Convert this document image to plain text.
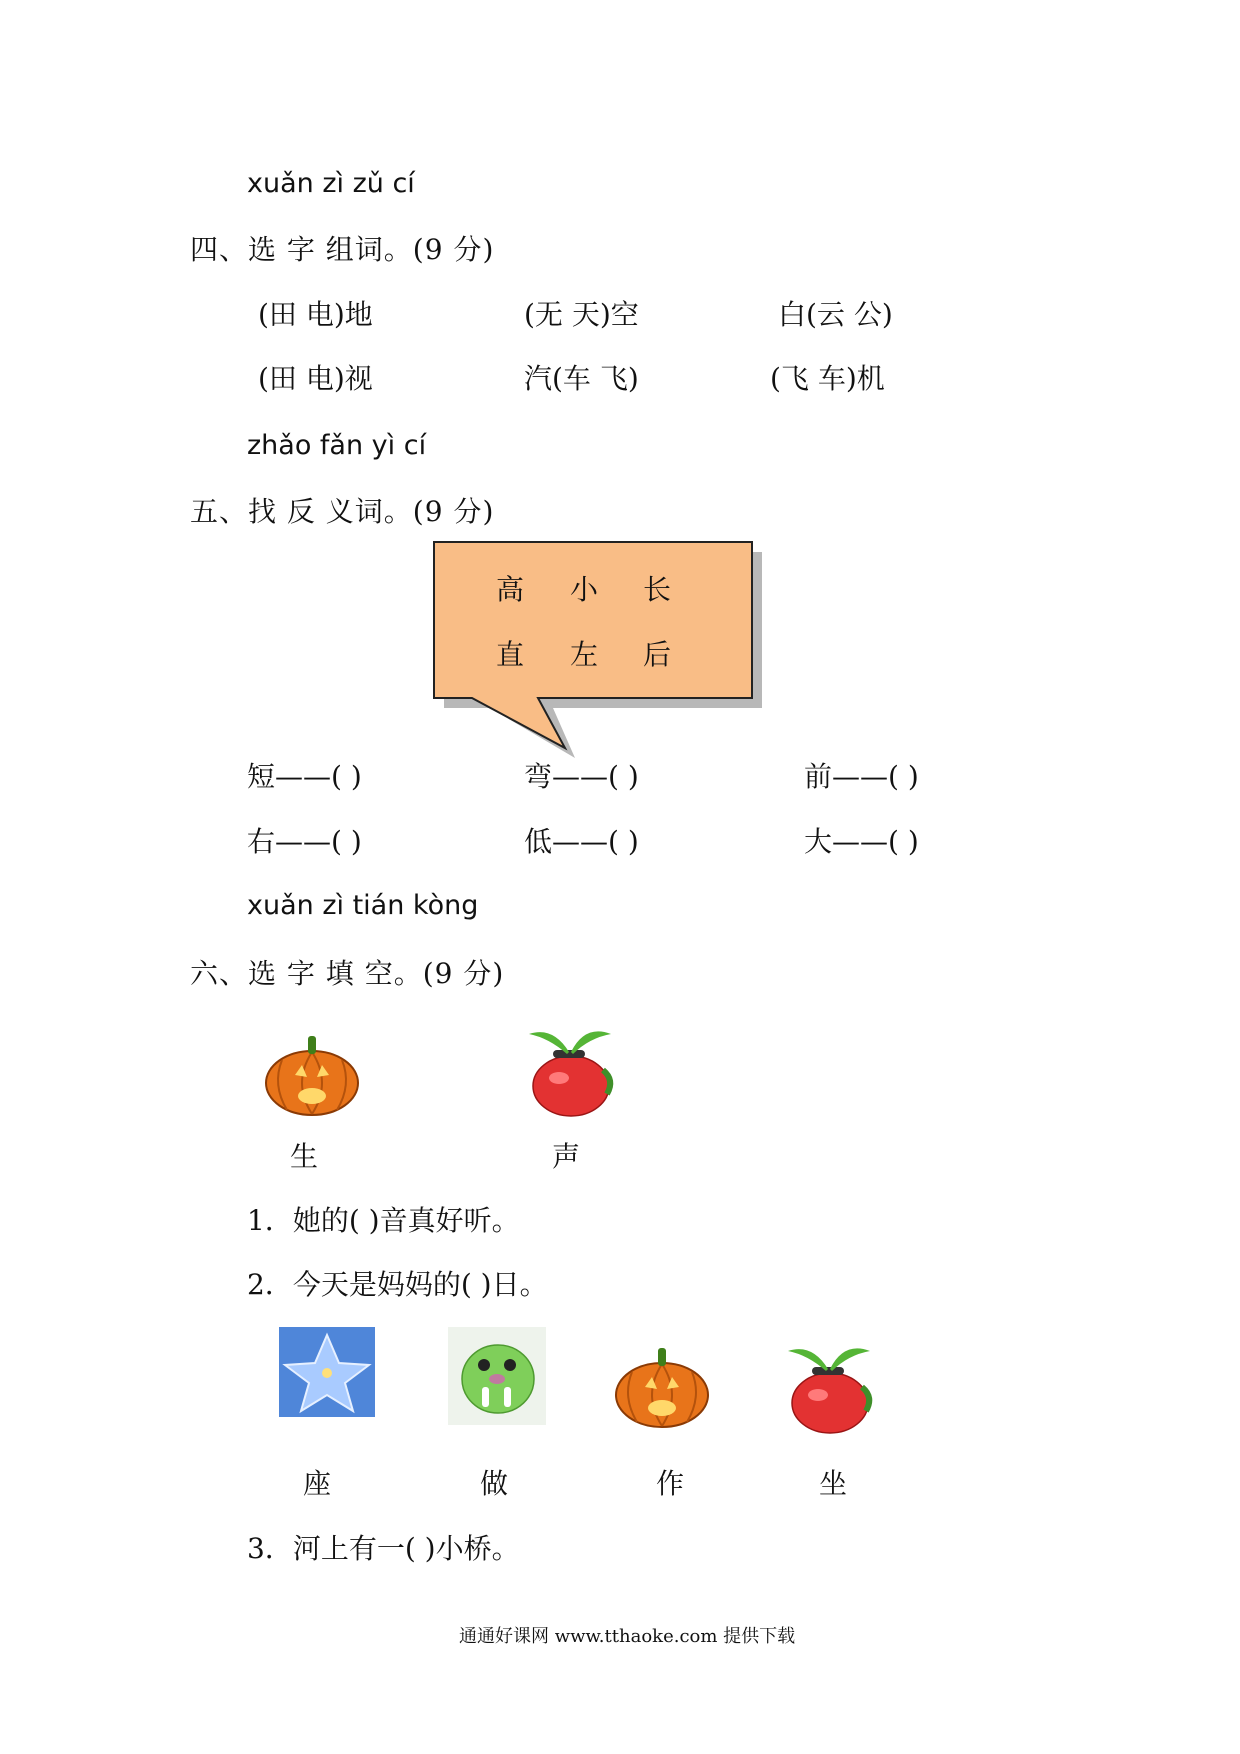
xuǎn zì zǔ cí
四、选 字 组词。(9 分)
(田 电)地	(无 天)空	白(云 公)
(田 电)视	汽(车 飞)	(飞 车)机
zhǎo fǎn yì cí
五、找 反 义词。(9 分)
高 小 长
直 左 后
短——( )	弯——( )	前——( )
右——( )	低——( )	大——( )
xuǎn zì tián kòng
六、选 字 填 空。(9 分)
生	声
1．她的( )音真好听。
2．今天是妈妈的( )日。
座	做	作	坐
3．河上有一( )小桥。
通通好课网 www.tthaoke.com 提供下载
